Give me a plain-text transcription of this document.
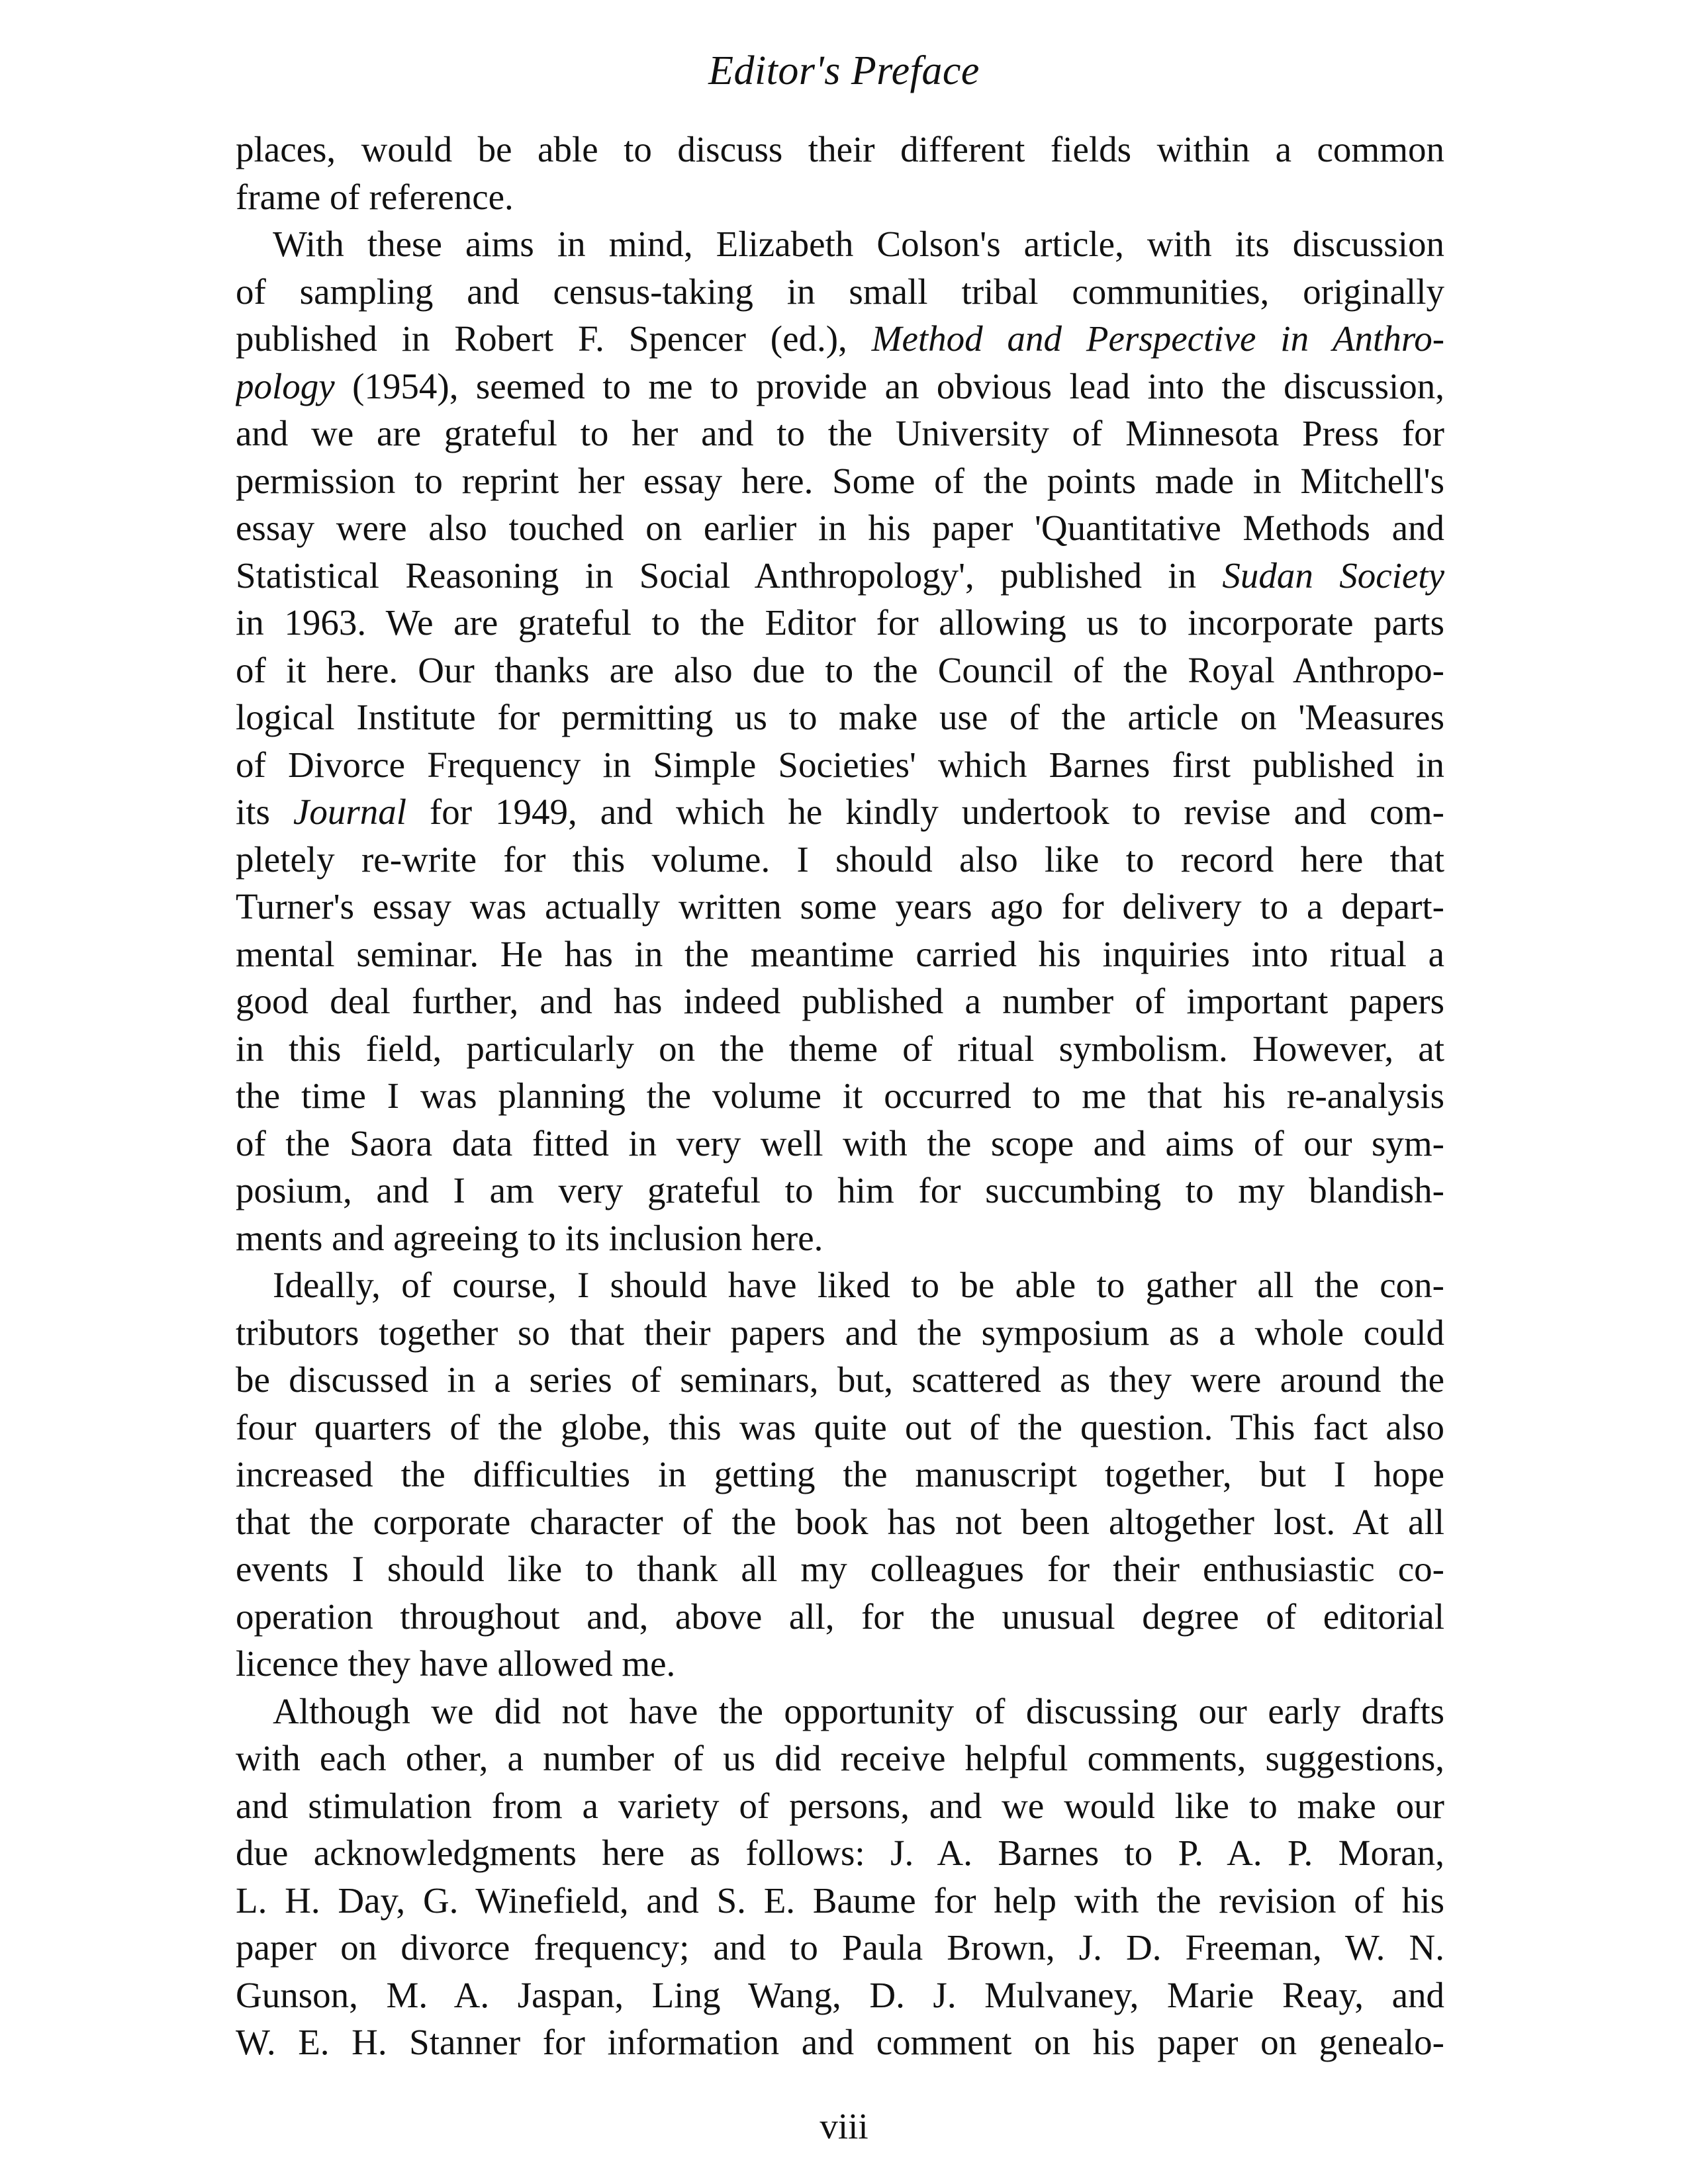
Editor's Preface
places, would be able to discuss their different fields within a common
frame of reference.
With these aims in mind, Elizabeth Colson's article, with its discussion
of sampling and census-taking in small tribal communities, originally
published in Robert F. Spencer (ed.), Method and Perspective in Anthro-
pology (1954), seemed to me to provide an obvious lead into the discussion,
and we are grateful to her and to the University of Minnesota Press for
permission to reprint her essay here. Some of the points made in Mitchell's
essay were also touched on earlier in his paper 'Quantitative Methods and
Statistical Reasoning in Social Anthropology', published in Sudan Society
in 1963. We are grateful to the Editor for allowing us to incorporate parts
of it here. Our thanks are also due to the Council of the Royal Anthropo-
logical Institute for permitting us to make use of the article on 'Measures
of Divorce Frequency in Simple Societies' which Barnes first published in
its Journal for 1949, and which he kindly undertook to revise and com-
pletely re-write for this volume. I should also like to record here that
Turner's essay was actually written some years ago for delivery to a depart-
mental seminar. He has in the meantime carried his inquiries into ritual a
good deal further, and has indeed published a number of important papers
in this field, particularly on the theme of ritual symbolism. However, at
the time I was planning the volume it occurred to me that his re-analysis
of the Saora data fitted in very well with the scope and aims of our sym-
posium, and I am very grateful to him for succumbing to my blandish-
ments and agreeing to its inclusion here.
Ideally, of course, I should have liked to be able to gather all the con-
tributors together so that their papers and the symposium as a whole could
be discussed in a series of seminars, but, scattered as they were around the
four quarters of the globe, this was quite out of the question. This fact also
increased the difficulties in getting the manuscript together, but I hope
that the corporate character of the book has not been altogether lost. At all
events I should like to thank all my colleagues for their enthusiastic co-
operation throughout and, above all, for the unusual degree of editorial
licence they have allowed me.
Although we did not have the opportunity of discussing our early drafts
with each other, a number of us did receive helpful comments, suggestions,
and stimulation from a variety of persons, and we would like to make our
due acknowledgments here as follows: J. A. Barnes to P. A. P. Moran,
L. H. Day, G. Winefield, and S. E. Baume for help with the revision of his
paper on divorce frequency; and to Paula Brown, J. D. Freeman, W. N.
Gunson, M. A. Jaspan, Ling Wang, D. J. Mulvaney, Marie Reay, and
W. E. H. Stanner for information and comment on his paper on genealo-
viii
